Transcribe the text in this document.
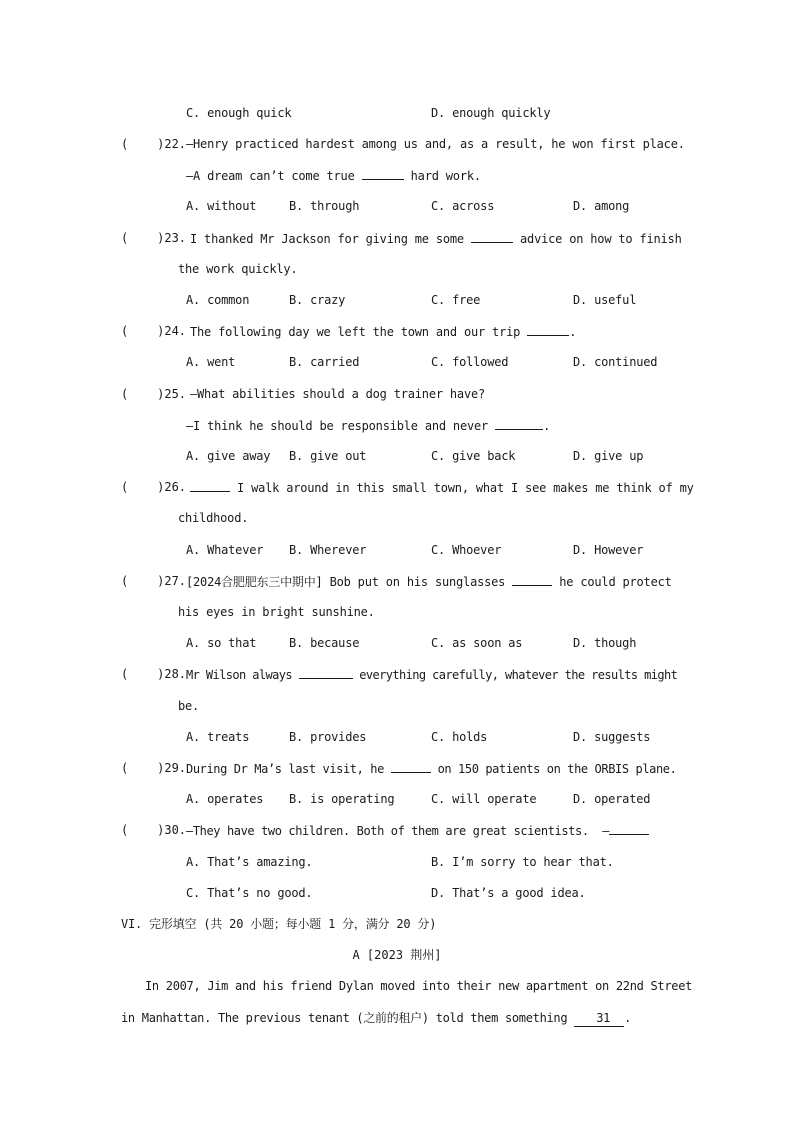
C. enough quick	D. enough quickly
(    )22. —Henry practiced hardest among us and, as a result, he won first place.
—A dream can’t come true	hard work.
A. without	B. through	C. across	D. among
(    )23. I thanked Mr Jackson for giving me some	advice on how to finish
the work quickly.
A. common	B. crazy	C. free	D. useful
(    )24. The following day we left the town and our trip	.
A. went	B. carried	C. followed	D. continued
(    )25. —What abilities should a dog trainer have?
—I think he should be responsible and never	.
A. give away B. give out	C. give back	D. give up
(    )26.	I walk around in this small town, what I see makes me think of my
childhood.
A. Whatever B. Wherever	C. Whoever	D. However
(    )27. [2024合肥肥东三中期中] Bob put on his sunglasses	he could protect
his eyes in bright sunshine.
A. so that	B. because	C. as soon as	D. though
(    )28. Mr Wilson always	everything carefully, whatever the results might
be.
A. treats	B. provides	C. holds	D. suggests
(    )29. During Dr Ma’s last visit, he	on 150 patients on the ORBIS plane.
A. operates B. is operating	C. will operate	D. operated
(    )30. —They have two children. Both of them are great scientists.  —
A. That’s amazing.	B. I’m sorry to hear that.
C. That’s no good.	D. That’s a good idea.
VI. 完形填空 (共 20 小题；每小题 1 分，满分 20 分)
A [2023 荆州]
In 2007, Jim and his friend Dylan moved into their new apartment on 22nd Street
in Manhattan. The previous tenant (之前的租户) told them something 31 .
